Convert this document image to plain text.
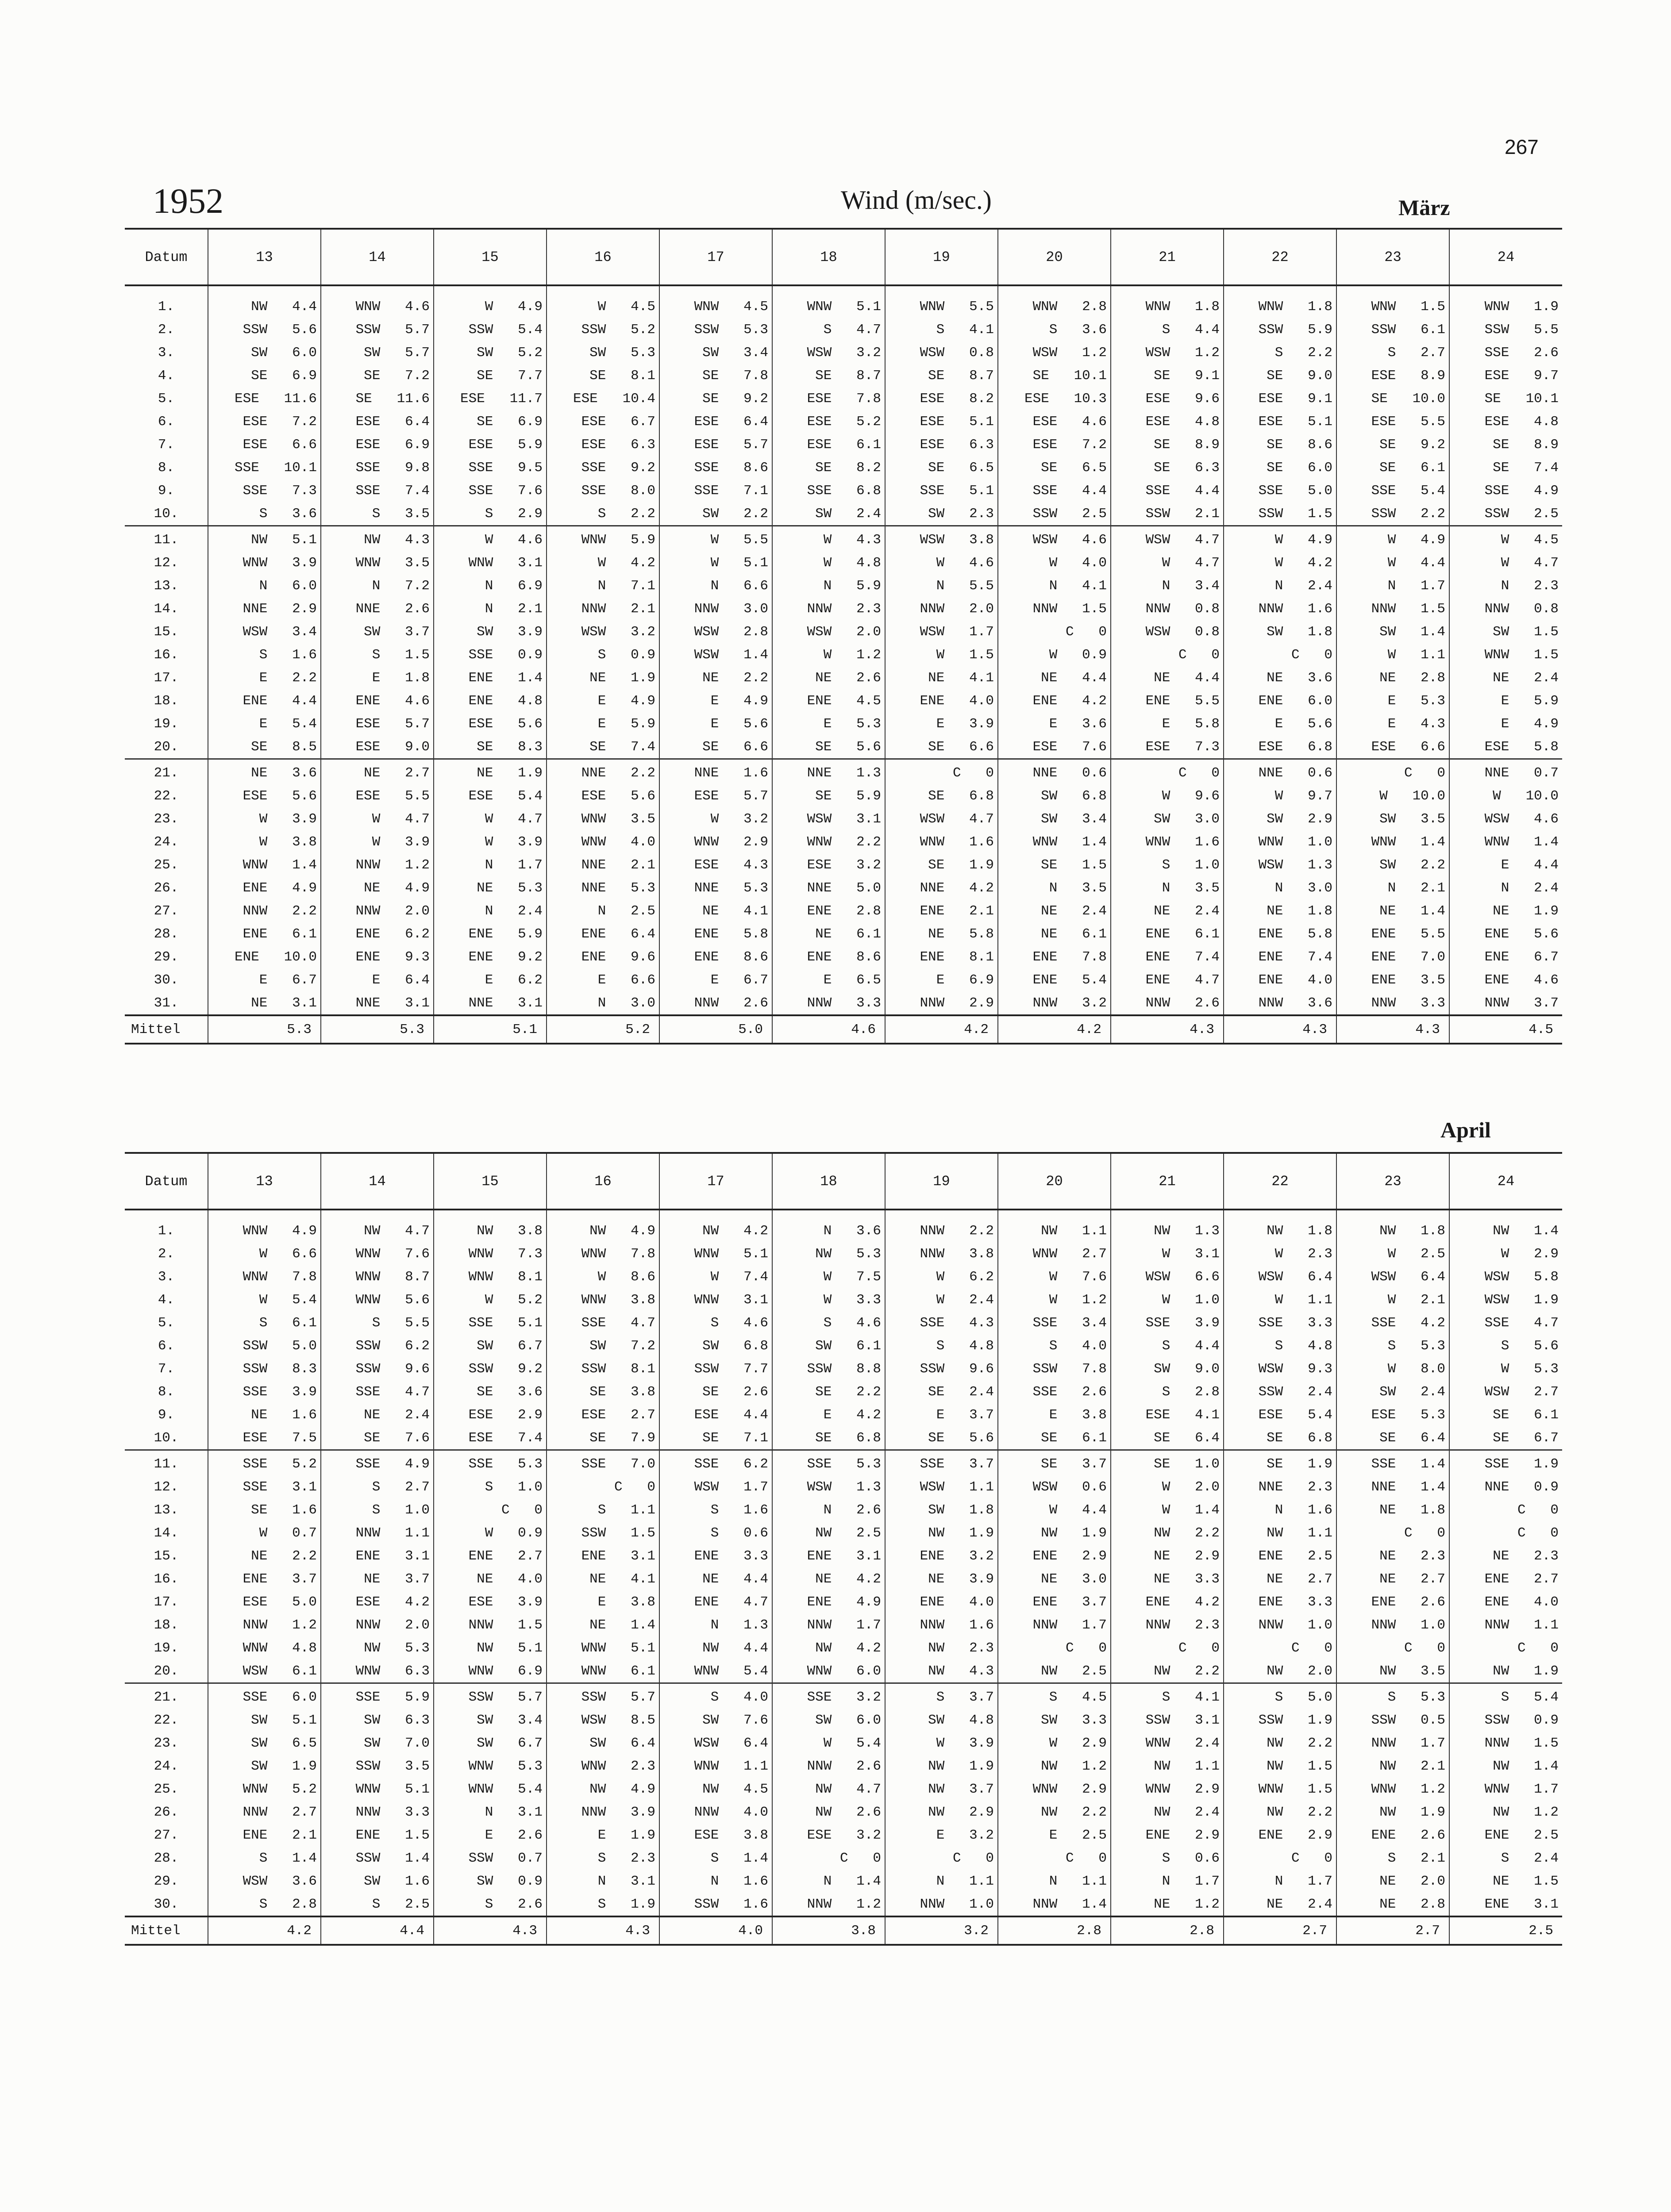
267
1952	Wind (m/sec.)	März
April
Datum	13	14	15	16	17	18	19	20	21	22	23	24

1.	NW   4.4	WNW   4.6	W   4.9	W   4.5	WNW   4.5	WNW   5.1	WNW   5.5	WNW   2.8	WNW   1.8	WNW   1.8	WNW   1.5	WNW   1.9

2.	SSW   5.6	SSW   5.7	SSW   5.4	SSW   5.2	SSW   5.3	S   4.7	S   4.1	S   3.6	S   4.4	SSW   5.9	SSW   6.1	SSW   5.5

3.	SW   6.0	SW   5.7	SW   5.2	SW   5.3	SW   3.4	WSW   3.2	WSW   0.8	WSW   1.2	WSW   1.2	S   2.2	S   2.7	SSE   2.6

4.	SE   6.9	SE   7.2	SE   7.7	SE   8.1	SE   7.8	SE   8.7	SE   8.7	SE   10.1	SE   9.1	SE   9.0	ESE   8.9	ESE   9.7

5.	ESE   11.6	SE   11.6	ESE   11.7	ESE   10.4	SE   9.2	ESE   7.8	ESE   8.2	ESE   10.3	ESE   9.6	ESE   9.1	SE   10.0	SE   10.1

6.	ESE   7.2	ESE   6.4	SE   6.9	ESE   6.7	ESE   6.4	ESE   5.2	ESE   5.1	ESE   4.6	ESE   4.8	ESE   5.1	ESE   5.5	ESE   4.8

7.	ESE   6.6	ESE   6.9	ESE   5.9	ESE   6.3	ESE   5.7	ESE   6.1	ESE   6.3	ESE   7.2	SE   8.9	SE   8.6	SE   9.2	SE   8.9

8.	SSE   10.1	SSE   9.8	SSE   9.5	SSE   9.2	SSE   8.6	SE   8.2	SE   6.5	SE   6.5	SE   6.3	SE   6.0	SE   6.1	SE   7.4

9.	SSE   7.3	SSE   7.4	SSE   7.6	SSE   8.0	SSE   7.1	SSE   6.8	SSE   5.1	SSE   4.4	SSE   4.4	SSE   5.0	SSE   5.4	SSE   4.9

10.	S   3.6	S   3.5	S   2.9	S   2.2	SW   2.2	SW   2.4	SW   2.3	SSW   2.5	SSW   2.1	SSW   1.5	SSW   2.2	SSW   2.5

11.	NW   5.1	NW   4.3	W   4.6	WNW   5.9	W   5.5	W   4.3	WSW   3.8	WSW   4.6	WSW   4.7	W   4.9	W   4.9	W   4.5

12.	WNW   3.9	WNW   3.5	WNW   3.1	W   4.2	W   5.1	W   4.8	W   4.6	W   4.0	W   4.7	W   4.2	W   4.4	W   4.7

13.	N   6.0	N   7.2	N   6.9	N   7.1	N   6.6	N   5.9	N   5.5	N   4.1	N   3.4	N   2.4	N   1.7	N   2.3

14.	NNE   2.9	NNE   2.6	N   2.1	NNW   2.1	NNW   3.0	NNW   2.3	NNW   2.0	NNW   1.5	NNW   0.8	NNW   1.6	NNW   1.5	NNW   0.8

15.	WSW   3.4	SW   3.7	SW   3.9	WSW   3.2	WSW   2.8	WSW   2.0	WSW   1.7	C   0	WSW   0.8	SW   1.8	SW   1.4	SW   1.5

16.	S   1.6	S   1.5	SSE   0.9	S   0.9	WSW   1.4	W   1.2	W   1.5	W   0.9	C   0	C   0	W   1.1	WNW   1.5

17.	E   2.2	E   1.8	ENE   1.4	NE   1.9	NE   2.2	NE   2.6	NE   4.1	NE   4.4	NE   4.4	NE   3.6	NE   2.8	NE   2.4

18.	ENE   4.4	ENE   4.6	ENE   4.8	E   4.9	E   4.9	ENE   4.5	ENE   4.0	ENE   4.2	ENE   5.5	ENE   6.0	E   5.3	E   5.9

19.	E   5.4	ESE   5.7	ESE   5.6	E   5.9	E   5.6	E   5.3	E   3.9	E   3.6	E   5.8	E   5.6	E   4.3	E   4.9

20.	SE   8.5	ESE   9.0	SE   8.3	SE   7.4	SE   6.6	SE   5.6	SE   6.6	ESE   7.6	ESE   7.3	ESE   6.8	ESE   6.6	ESE   5.8

21.	NE   3.6	NE   2.7	NE   1.9	NNE   2.2	NNE   1.6	NNE   1.3	C   0	NNE   0.6	C   0	NNE   0.6	C   0	NNE   0.7

22.	ESE   5.6	ESE   5.5	ESE   5.4	ESE   5.6	ESE   5.7	SE   5.9	SE   6.8	SW   6.8	W   9.6	W   9.7	W   10.0	W   10.0

23.	W   3.9	W   4.7	W   4.7	WNW   3.5	W   3.2	WSW   3.1	WSW   4.7	SW   3.4	SW   3.0	SW   2.9	SW   3.5	WSW   4.6

24.	W   3.8	W   3.9	W   3.9	WNW   4.0	WNW   2.9	WNW   2.2	WNW   1.6	WNW   1.4	WNW   1.6	WNW   1.0	WNW   1.4	WNW   1.4

25.	WNW   1.4	NNW   1.2	N   1.7	NNE   2.1	ESE   4.3	ESE   3.2	SE   1.9	SE   1.5	S   1.0	WSW   1.3	SW   2.2	E   4.4

26.	ENE   4.9	NE   4.9	NE   5.3	NNE   5.3	NNE   5.3	NNE   5.0	NNE   4.2	N   3.5	N   3.5	N   3.0	N   2.1	N   2.4

27.	NNW   2.2	NNW   2.0	N   2.4	N   2.5	NE   4.1	ENE   2.8	ENE   2.1	NE   2.4	NE   2.4	NE   1.8	NE   1.4	NE   1.9

28.	ENE   6.1	ENE   6.2	ENE   5.9	ENE   6.4	ENE   5.8	NE   6.1	NE   5.8	NE   6.1	ENE   6.1	ENE   5.8	ENE   5.5	ENE   5.6

29.	ENE   10.0	ENE   9.3	ENE   9.2	ENE   9.6	ENE   8.6	ENE   8.6	ENE   8.1	ENE   7.8	ENE   7.4	ENE   7.4	ENE   7.0	ENE   6.7

30.	E   6.7	E   6.4	E   6.2	E   6.6	E   6.7	E   6.5	E   6.9	ENE   5.4	ENE   4.7	ENE   4.0	ENE   3.5	ENE   4.6

31.	NE   3.1	NNE   3.1	NNE   3.1	N   3.0	NNW   2.6	NNW   3.3	NNW   2.9	NNW   3.2	NNW   2.6	NNW   3.6	NNW   3.3	NNW   3.7

Mittel	5.3	5.3	5.1	5.2	5.0	4.6	4.2	4.2	4.3	4.3	4.3	4.5
Datum	13	14	15	16	17	18	19	20	21	22	23	24

1.	WNW   4.9	NW   4.7	NW   3.8	NW   4.9	NW   4.2	N   3.6	NNW   2.2	NW   1.1	NW   1.3	NW   1.8	NW   1.8	NW   1.4

2.	W   6.6	WNW   7.6	WNW   7.3	WNW   7.8	WNW   5.1	NW   5.3	NNW   3.8	WNW   2.7	W   3.1	W   2.3	W   2.5	W   2.9

3.	WNW   7.8	WNW   8.7	WNW   8.1	W   8.6	W   7.4	W   7.5	W   6.2	W   7.6	WSW   6.6	WSW   6.4	WSW   6.4	WSW   5.8

4.	W   5.4	WNW   5.6	W   5.2	WNW   3.8	WNW   3.1	W   3.3	W   2.4	W   1.2	W   1.0	W   1.1	W   2.1	WSW   1.9

5.	S   6.1	S   5.5	SSE   5.1	SSE   4.7	S   4.6	S   4.6	SSE   4.3	SSE   3.4	SSE   3.9	SSE   3.3	SSE   4.2	SSE   4.7

6.	SSW   5.0	SSW   6.2	SW   6.7	SW   7.2	SW   6.8	SW   6.1	S   4.8	S   4.0	S   4.4	S   4.8	S   5.3	S   5.6

7.	SSW   8.3	SSW   9.6	SSW   9.2	SSW   8.1	SSW   7.7	SSW   8.8	SSW   9.6	SSW   7.8	SW   9.0	WSW   9.3	W   8.0	W   5.3

8.	SSE   3.9	SSE   4.7	SE   3.6	SE   3.8	SE   2.6	SE   2.2	SE   2.4	SSE   2.6	S   2.8	SSW   2.4	SW   2.4	WSW   2.7

9.	NE   1.6	NE   2.4	ESE   2.9	ESE   2.7	ESE   4.4	E   4.2	E   3.7	E   3.8	ESE   4.1	ESE   5.4	ESE   5.3	SE   6.1

10.	ESE   7.5	SE   7.6	ESE   7.4	SE   7.9	SE   7.1	SE   6.8	SE   5.6	SE   6.1	SE   6.4	SE   6.8	SE   6.4	SE   6.7

11.	SSE   5.2	SSE   4.9	SSE   5.3	SSE   7.0	SSE   6.2	SSE   5.3	SSE   3.7	SE   3.7	SE   1.0	SE   1.9	SSE   1.4	SSE   1.9

12.	SSE   3.1	S   2.7	S   1.0	C   0	WSW   1.7	WSW   1.3	WSW   1.1	WSW   0.6	W   2.0	NNE   2.3	NNE   1.4	NNE   0.9

13.	SE   1.6	S   1.0	C   0	S   1.1	S   1.6	N   2.6	SW   1.8	W   4.4	W   1.4	N   1.6	NE   1.8	C   0

14.	W   0.7	NNW   1.1	W   0.9	SSW   1.5	S   0.6	NW   2.5	NW   1.9	NW   1.9	NW   2.2	NW   1.1	C   0	C   0

15.	NE   2.2	ENE   3.1	ENE   2.7	ENE   3.1	ENE   3.3	ENE   3.1	ENE   3.2	ENE   2.9	NE   2.9	ENE   2.5	NE   2.3	NE   2.3

16.	ENE   3.7	NE   3.7	NE   4.0	NE   4.1	NE   4.4	NE   4.2	NE   3.9	NE   3.0	NE   3.3	NE   2.7	NE   2.7	ENE   2.7

17.	ESE   5.0	ESE   4.2	ESE   3.9	E   3.8	ENE   4.7	ENE   4.9	ENE   4.0	ENE   3.7	ENE   4.2	ENE   3.3	ENE   2.6	ENE   4.0

18.	NNW   1.2	NNW   2.0	NNW   1.5	NE   1.4	N   1.3	NNW   1.7	NNW   1.6	NNW   1.7	NNW   2.3	NNW   1.0	NNW   1.0	NNW   1.1

19.	WNW   4.8	NW   5.3	NW   5.1	WNW   5.1	NW   4.4	NW   4.2	NW   2.3	C   0	C   0	C   0	C   0	C   0

20.	WSW   6.1	WNW   6.3	WNW   6.9	WNW   6.1	WNW   5.4	WNW   6.0	NW   4.3	NW   2.5	NW   2.2	NW   2.0	NW   3.5	NW   1.9

21.	SSE   6.0	SSE   5.9	SSW   5.7	SSW   5.7	S   4.0	SSE   3.2	S   3.7	S   4.5	S   4.1	S   5.0	S   5.3	S   5.4

22.	SW   5.1	SW   6.3	SW   3.4	WSW   8.5	SW   7.6	SW   6.0	SW   4.8	SW   3.3	SSW   3.1	SSW   1.9	SSW   0.5	SSW   0.9

23.	SW   6.5	SW   7.0	SW   6.7	SW   6.4	WSW   6.4	W   5.4	W   3.9	W   2.9	WNW   2.4	NW   2.2	NNW   1.7	NNW   1.5

24.	SW   1.9	SSW   3.5	WNW   5.3	WNW   2.3	WNW   1.1	NNW   2.6	NW   1.9	NW   1.2	NW   1.1	NW   1.5	NW   2.1	NW   1.4

25.	WNW   5.2	WNW   5.1	WNW   5.4	NW   4.9	NW   4.5	NW   4.7	NW   3.7	WNW   2.9	WNW   2.9	WNW   1.5	WNW   1.2	WNW   1.7

26.	NNW   2.7	NNW   3.3	N   3.1	NNW   3.9	NNW   4.0	NW   2.6	NW   2.9	NW   2.2	NW   2.4	NW   2.2	NW   1.9	NW   1.2

27.	ENE   2.1	ENE   1.5	E   2.6	E   1.9	ESE   3.8	ESE   3.2	E   3.2	E   2.5	ENE   2.9	ENE   2.9	ENE   2.6	ENE   2.5

28.	S   1.4	SSW   1.4	SSW   0.7	S   2.3	S   1.4	C   0	C   0	C   0	S   0.6	C   0	S   2.1	S   2.4

29.	WSW   3.6	SW   1.6	SW   0.9	N   3.1	N   1.6	N   1.4	N   1.1	N   1.1	N   1.7	N   1.7	NE   2.0	NE   1.5

30.	S   2.8	S   2.5	S   2.6	S   1.9	SSW   1.6	NNW   1.2	NNW   1.0	NNW   1.4	NE   1.2	NE   2.4	NE   2.8	ENE   3.1

Mittel	4.2	4.4	4.3	4.3	4.0	3.8	3.2	2.8	2.8	2.7	2.7	2.5
